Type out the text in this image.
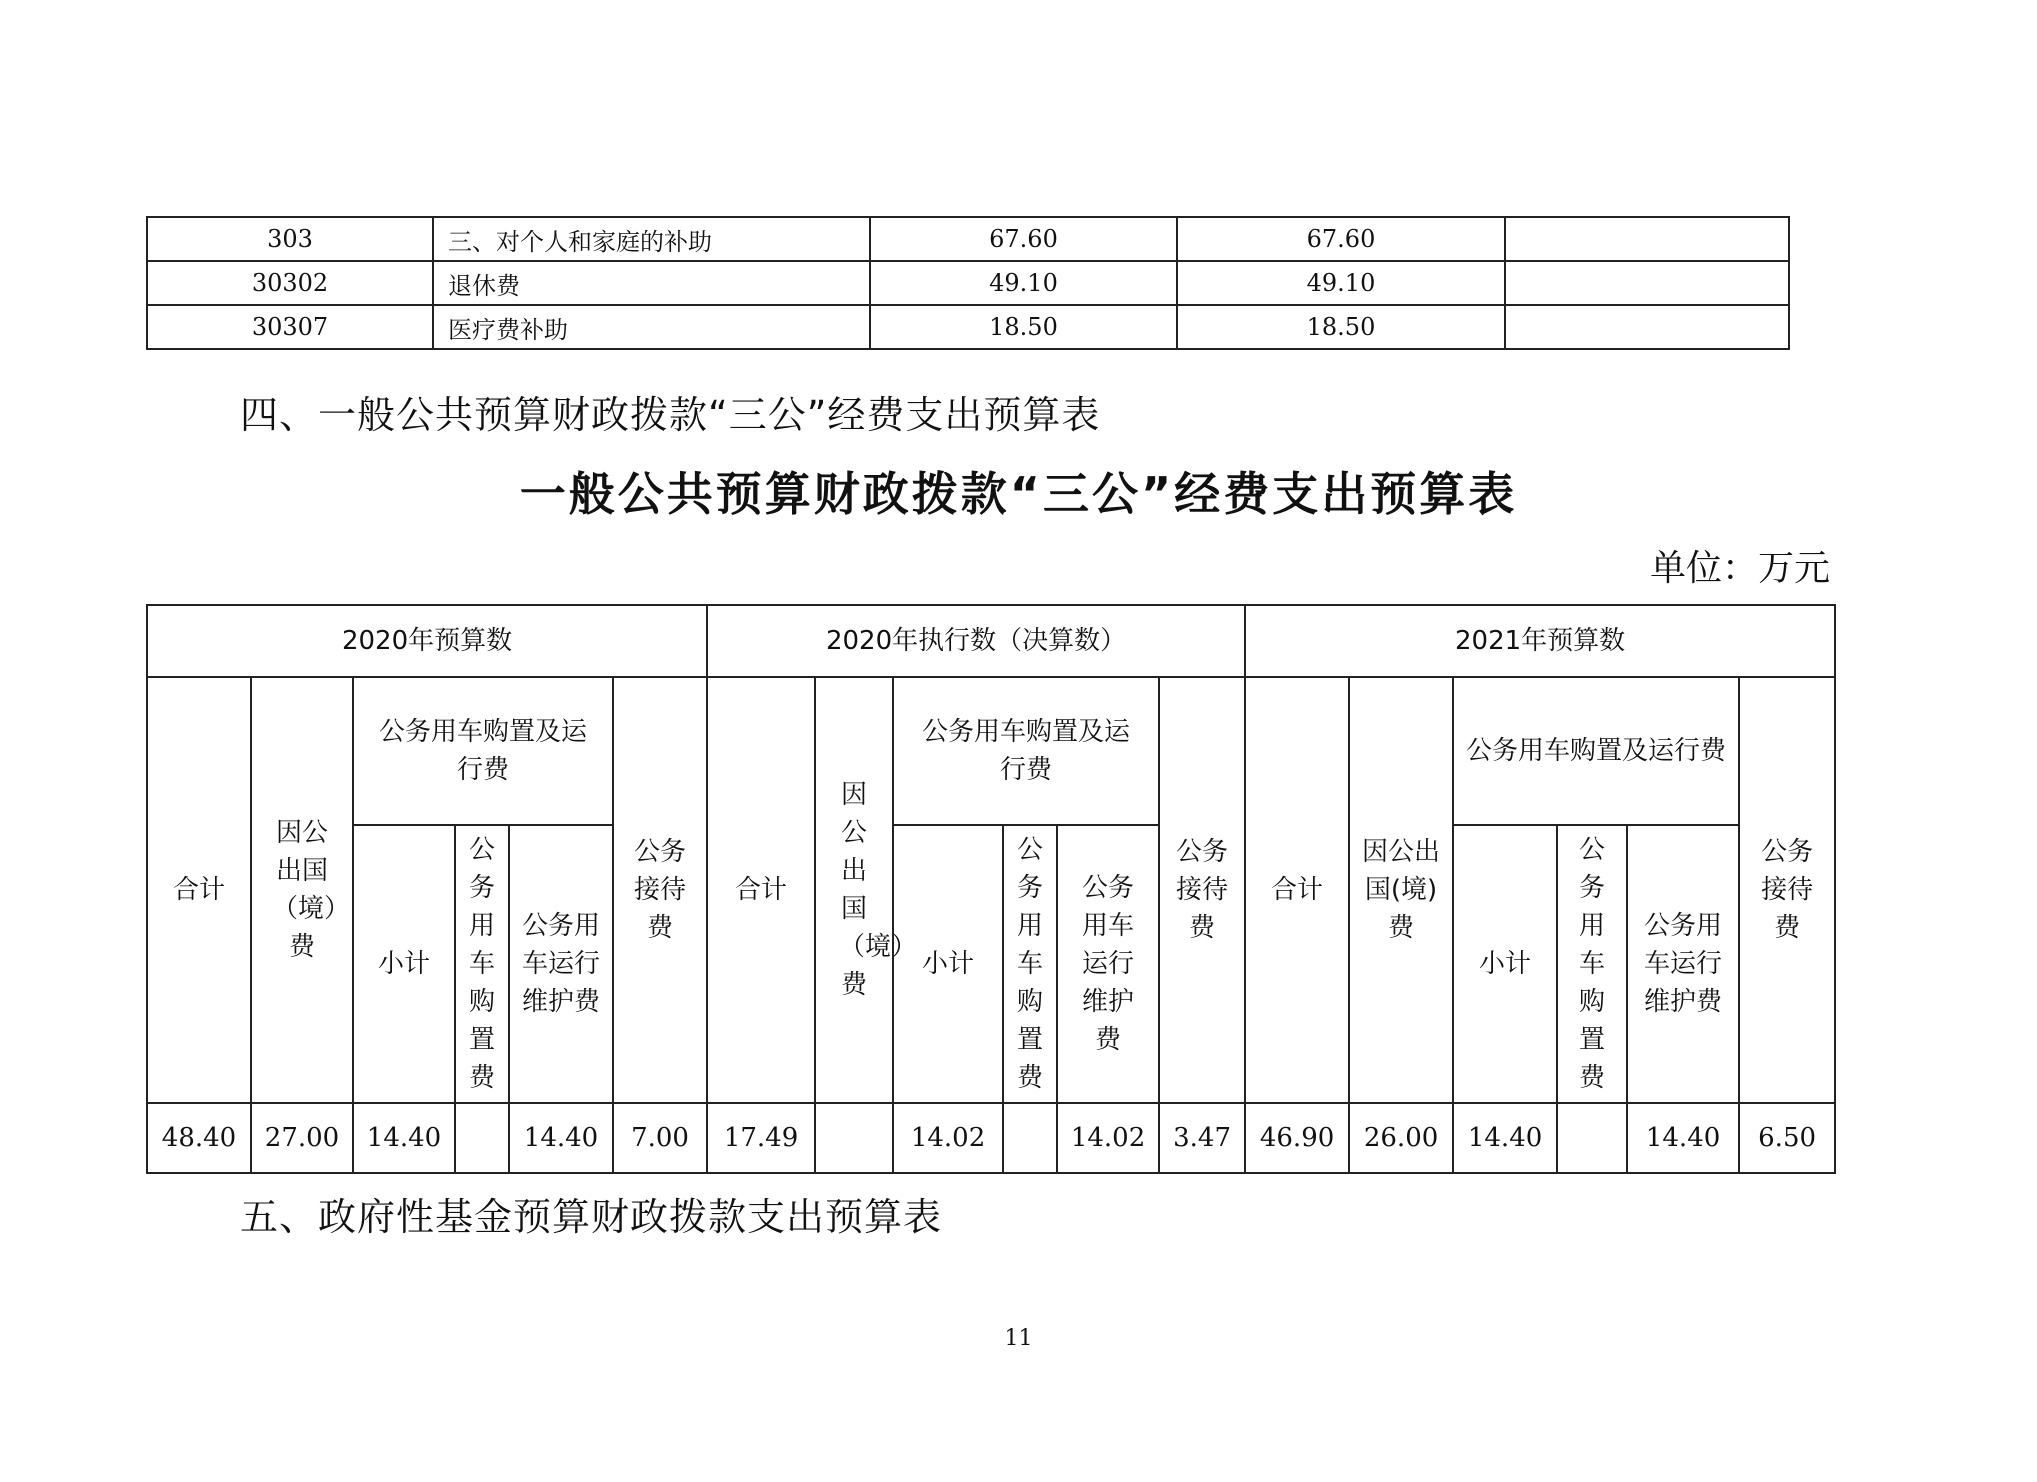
303	三、对个人和家庭的补助	67.60	67.60	
30302	退休费	49.10	49.10	
30307	医疗费补助	18.50	18.50	
四、一般公共预算财政拨款“三公”经费支出预算表
一般公共预算财政拨款“三公”经费支出预算表
单位：万元
2020年预算数						2020年执行数（决算数）						2021年预算数					
合计	因公出国（境）费	公务用车购置及运行费			公务接待费	合计	因公出国（境）费	公务用车购置及运行费			公务接待费	合计	因公出国(境)费	公务用车购置及运行费			公务接待费
		小计	公务用车购置费	公务用车运行维护费				小计	公务用车购置费	公务用车运行维护费				小计	公务用车购置费	公务用车运行维护费	
48.40	27.00	14.40		14.40	7.00	17.49		14.02		14.02	3.47	46.90	26.00	14.40		14.40	6.50
五、政府性基金预算财政拨款支出预算表
11
